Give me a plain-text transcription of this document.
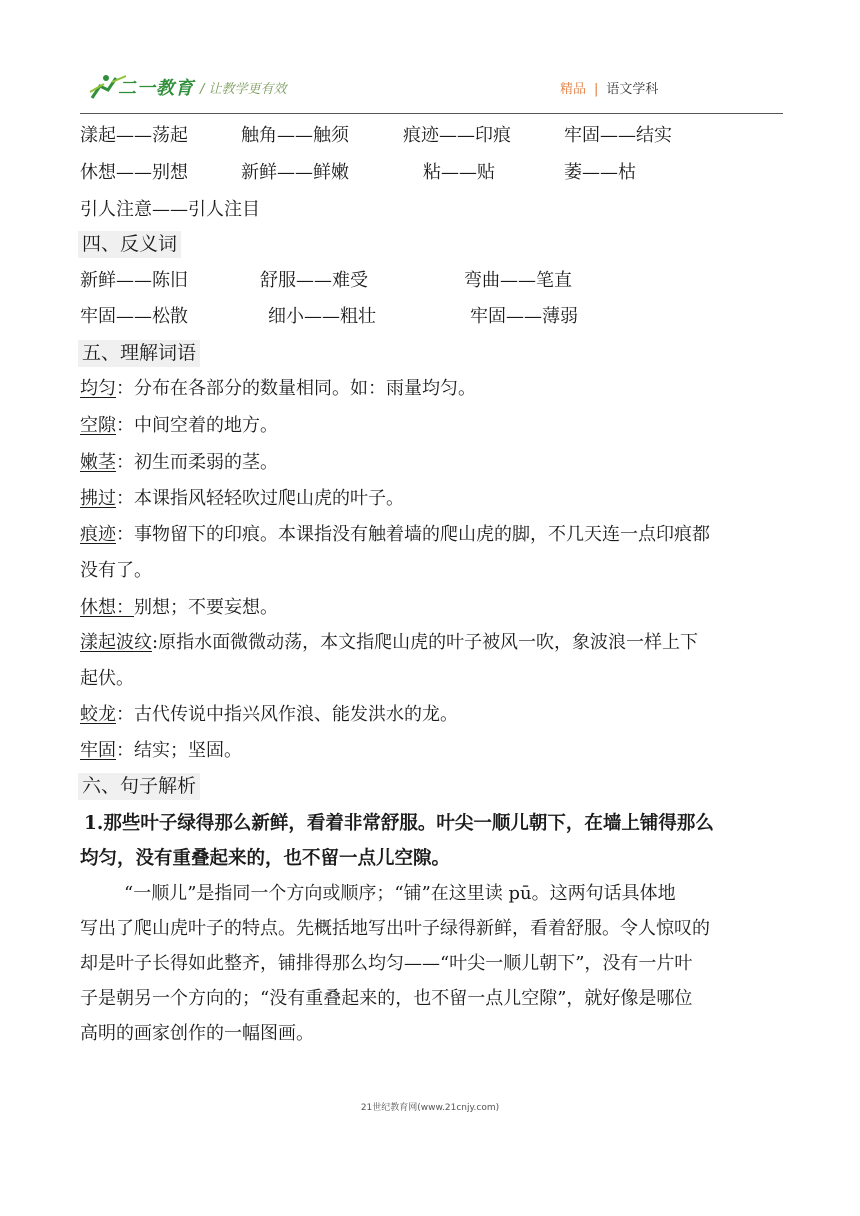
二一教育 / 让教学更有效	精品 | 语文学科
漾起——荡起	触角——触须	痕迹——印痕	牢固——结实
休想——别想	新鲜——鲜嫩	粘——贴	萎——枯
引人注意——引人注目
四、反义词
新鲜——陈旧	舒服——难受	弯曲——笔直
牢固——松散	细小——粗壮	牢固——薄弱
五、理解词语
均匀：分布在各部分的数量相同。如：雨量均匀。
空隙：中间空着的地方。
嫩茎：初生而柔弱的茎。
拂过：本课指风轻轻吹过爬山虎的叶子。
痕迹：事物留下的印痕。本课指没有触着墙的爬山虎的脚，不几天连一点印痕都
没有了。
休想：别想；不要妄想。
漾起波纹:原指水面微微动荡，本文指爬山虎的叶子被风一吹，象波浪一样上下
起伏。
蛟龙：古代传说中指兴风作浪、能发洪水的龙。
牢固：结实；坚固。
六、句子解析
1.那些叶子绿得那么新鲜，看着非常舒服。叶尖一顺儿朝下，在墙上铺得那么
均匀，没有重叠起来的，也不留一点儿空隙。
“一顺儿”是指同一个方向或顺序；“铺”在这里读 pū。这两句话具体地
写出了爬山虎叶子的特点。先概括地写出叶子绿得新鲜，看着舒服。令人惊叹的
却是叶子长得如此整齐，铺排得那么均匀——“叶尖一顺儿朝下”，没有一片叶
子是朝另一个方向的；“没有重叠起来的，也不留一点儿空隙”，就好像是哪位
高明的画家创作的一幅图画。
21世纪教育网(www.21cnjy.com)
